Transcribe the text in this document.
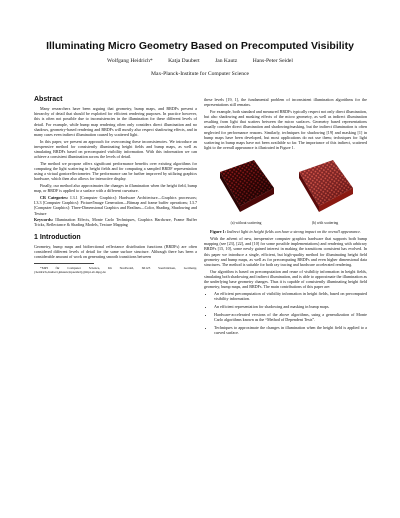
Illuminating Micro Geometry Based on Precomputed Visibility
Wolfgang Heidrich*	Katja Daubert	Jan Kautz	Hans-Peter Seidel
Max-Planck-Institute for Computer Science
Abstract

Many researchers have been arguing that geometry, bump maps, and BRDFs present a hierarchy of detail that should be exploited for efficient rendering purposes. In practice however, this is often not possible due to inconsistencies in the illumination for these different levels of detail. For example, while bump map rendering often only considers direct illumination and no shadows, geometry-based rendering and BRDFs will mostly also respect shadowing effects, and in many cases even indirect illumination caused by scattered light.

In this paper, we present an approach for overcoming these inconsistencies. We introduce an inexpensive method for consistently illuminating height fields and bump maps, as well as simulating BRDFs based on precomputed visibility information. With this information we can achieve a consistent illumination across the levels of detail.

The method we propose offers significant performance benefits over existing algorithms for computing the light scattering in height fields and for computing a sampled BRDF representation using a virtual gonioreflectometer. The performance can be further improved by utilizing graphics hardware, which then also allows for interactive display.

Finally, our method also approximates the changes in illumination when the height field, bump map, or BRDF is applied to a surface with a different curvature.

CR Categories: I.3.1 [Computer Graphics]: Hardware Architecture—Graphics processors; I.3.3 [Computer Graphics]: Picture/Image Generation—Bitmap and frame buffer operations; I.3.7 [Computer Graphics]: Three-Dimensional Graphics and Realism—Color, Shading, Shadowing and Texture

Keywords: Illumination Effects, Monte Carlo Techniques, Graphics Hardware, Frame Buffer Tricks, Reflectance & Shading Models, Texture Mapping

1 Introduction

Geometry, bump maps and bidirectional reflectance distribution functions (BRDFs) are often considered different levels of detail for the same surface structure. Although there has been a considerable amount of work on generating smooth transitions between

*MPI für Computer Science, Im Stadtwald, 66123 Saarbrücken, Germany, {heidrich,daubert,jnkautz,hpseidel}@mpi-sb.mpg.de

these levels [19, 1], the fundamental problem of inconsistent illumination algorithms for the representations still remains.

For example, both standard and measured BRDFs typically respect not only direct illumination, but also shadowing and masking effects of the micro geometry, as well as indirect illumination resulting from light that scatters between the micro surfaces. Geometry based representations usually consider direct illumination and shadowing/masking, but the indirect illumination is often neglected for performance reasons. Similarly, techniques for shadowing [19] and masking [1] in bump maps have been developed, but most applications do not use them; techniques for light scattering in bump maps have not been available so far. The importance of this indirect, scattered light to the overall appearance is illustrated in Figure 1.

(a) without scattering	(b) with scattering

Figure 1: Indirect light in height fields can have a strong impact on the overall appearance.

With the advent of new, inexpensive computer graphics hardware that supports both bump mapping (see [23], [22], and [10] for some possible implementations) and rendering with arbitrary BRDFs [15, 10], some newly gained interest in making the transitions consistent has evolved. In this paper we introduce a single, efficient, but high-quality method for illuminating height field geometry and bump maps, as well as for precomputing BRDFs and even higher dimensional data structures. The method is suitable for both ray tracing and hardware accelerated rendering.

Our algorithm is based on precomputation and reuse of visibility information in height fields, simulating both shadowing and indirect illumination, and is able to approximate the illumination as the underlying base geometry changes. Thus it is capable of consistently illuminating height field geometry, bump maps, and BRDFs. The main contributions of this paper are:

• An efficient precomputation of visibility information in height fields, based on precomputed visibility information.
• An efficient representation for shadowing and masking in bump maps.
• Hardware-accelerated versions of the above algorithms, using a generalization of Monte Carlo algorithms known as the “Method of Dependent Tests”.
• Techniques to approximate the changes in illumination when the height field is applied to a curved surface.
